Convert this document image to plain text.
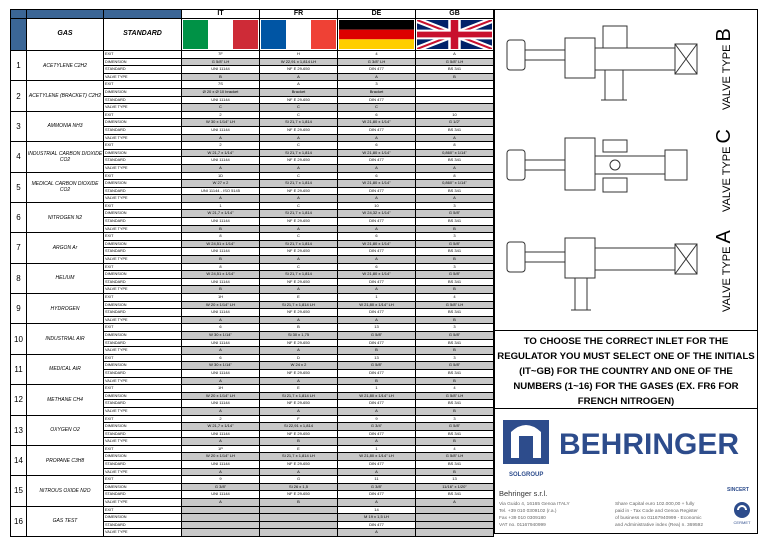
			IT	FR	DE	GB
	GAS	STANDARD	

1	ACETYLENE C2H2	EXIT	7F	H	4	A
		DIMENSION	G 5/8" LH	W 22,91 x 1,814 LH	G 3/8" LH	G 5/8" LH
		STANDARD	UNI 11144	NF E 29-650	DIN 477	BS 341
		VALVE TYPE	B	A	A	B
2	ACETYLENE (BRACKET) C2H2	EXIT	7S	A	3	
		DIMENSION	Ø 20 x Ø 10 bracket	Bracket	Bracket	
		STANDARD	UNI 11144	NF E 29-650	DIN 477	
		VALVE TYPE	C	C	C	
3	AMMONIA NH3	EXIT	2	C	6	10
		DIMENSION	W 30 x 1/14" LH	Si 21,7 x 1,814	W 21,80 x 1/14"	G 1/2"
		STANDARD	UNI 11144	NF E 29-650	DIN 477	BS 341
		VALVE TYPE	A	A	A	A
4	INDUSTRIAL CARBON DIOXIDE CO2	EXIT	2	C	6	8
		DIMENSION	W 21,7 x 1/14"	Si 21,7 x 1,814	W 21,80 x 1/14"	0,860" x 1/14"
		STANDARD	UNI 11144	NF E 29-650	DIN 477	BS 341
		VALVE TYPE	A	A	A	A
5	MEDICAL CARBON DIOXIDE CO2	EXIT	1D	C	6	8
		DIMENSION	W 27 x 2	Si 21,7 x 1,814	W 21,80 x 1/14"	0,860" x 1/14"
		STANDARD	UNI 11144 - ISO 5145	NF E 29-650	DIN 477	BS 341
		VALVE TYPE	A	A	A	A
6	NITROGEN N2	EXIT	1	C	10	3
		DIMENSION	W 21,7 x 1/14"	Si 21,7 x 1,814	W 24,32 x 1/14"	G 5/8"
		STANDARD	UNI 11144	NF E 29-650	DIN 477	BS 341
		VALVE TYPE	B	A	A	B
7	ARGON Ar	EXIT	8	C	6	3
		DIMENSION	W 24,51 x 1/14"	Si 21,7 x 1,814	W 21,80 x 1/14"	G 5/8"
		STANDARD	UNI 11144	NF E 29-650	DIN 477	BS 341
		VALVE TYPE	B	A	A	B
8	HELIUM	EXIT	8	C	6	3
		DIMENSION	W 24,51 x 1/14"	Si 21,7 x 1,814	W 21,80 x 1/14"	G 5/8"
		STANDARD	UNI 11144	NF E 29-650	DIN 477	BS 341
		VALVE TYPE	B	A	A	B
9	HYDROGEN	EXIT	1H	E	1	4
		DIMENSION	W 20 x 1/14" LH	Si 21,7 x 1,814 LH	W 21,80 x 1/14" LH	G 5/8" LH
		STANDARD	UNI 11144	NF E 29-650	DIN 477	BS 341
		VALVE TYPE	A	A	A	B
10	INDUSTRIAL AIR	EXIT	6	B	13	3
		DIMENSION	W 30 x 1/14"	Si 30 x 1,75	G 5/8"	G 5/8"
		STANDARD	UNI 11144	NF E 29-650	DIN 477	BS 341
		VALVE TYPE	A	A	B	B
11	MEDICAL AIR	EXIT	6	D	13	3
		DIMENSION	W 30 x 1/14"	W 24 x 2	G 5/8"	G 5/8"
		STANDARD	UNI 11144	NF E 29-650	DIN 477	BS 341
		VALVE TYPE	A	A	B	B
12	METHANE CH4	EXIT	1H	E	1	4
		DIMENSION	W 20 x 1/14" LH	Si 21,7 x 1,814 LH	W 21,80 x 1/14" LH	G 5/8" LH
		STANDARD	UNI 11144	NF E 29-650	DIN 477	BS 341
		VALVE TYPE	A	A	A	B
13	OXYGEN O2	EXIT	2	F	9	3
		DIMENSION	W 21,7 x 1/14"	Si 22,91 x 1,814	G 3/4"	G 5/8"
		STANDARD	UNI 11144	NF E 29-650	DIN 477	BS 341
		VALVE TYPE	A	B	A	B
14	PROPANE C3H8	EXIT	1P	E	1	4
		DIMENSION	W 20 x 1/14" LH	Si 21,7 x 1,814 LH	W 21,80 x 1/14" LH	G 5/8" LH
		STANDARD	UNI 11144	NF E 29-650	DIN 477	BS 341
		VALVE TYPE	A	A	A	B
15	NITROUS OXIDE N2O	EXIT	9	G	11	13
		DIMENSION	G 3/8"	Si 26 x 1,5	G 3/8"	11/16" x 1/20"
		STANDARD	UNI 11144	NF E 29-650	DIN 477	BS 341
		VALVE TYPE	A	B	A	A
16	GAS TEST	EXIT			14	
		DIMENSION			M 19 x 1,5 LH	
		STANDARD			DIN 477	
		VALVE TYPE			A	
VALVE TYPE B
VALVE TYPE C
VALVE TYPE A
TO CHOOSE THE CORRECT INLET FOR THE REGULATOR YOU MUST SELECT ONE OF THE INITIALS (IT~GB) FOR THE COUNTRY AND ONE OF THE NUMBERS (1~16) FOR THE GASES (EX. FR6 FOR FRENCH NITROGEN)
BEHRINGER
SOLGROUP
Behringer s.r.l.	SINCERT
Via Guido 4, 16165 Genoa ITALY
Tel. +39 010 0309102 (r.a.)
Fax +39 010 0309180
VAT no. 01167940999
Share Capital euro 102.000,00 + fully
paid in - Tax Code and Genoa Register
of business no 01167940999 - Economic
and Administrative index (Rea) n. 369592
CERMET
